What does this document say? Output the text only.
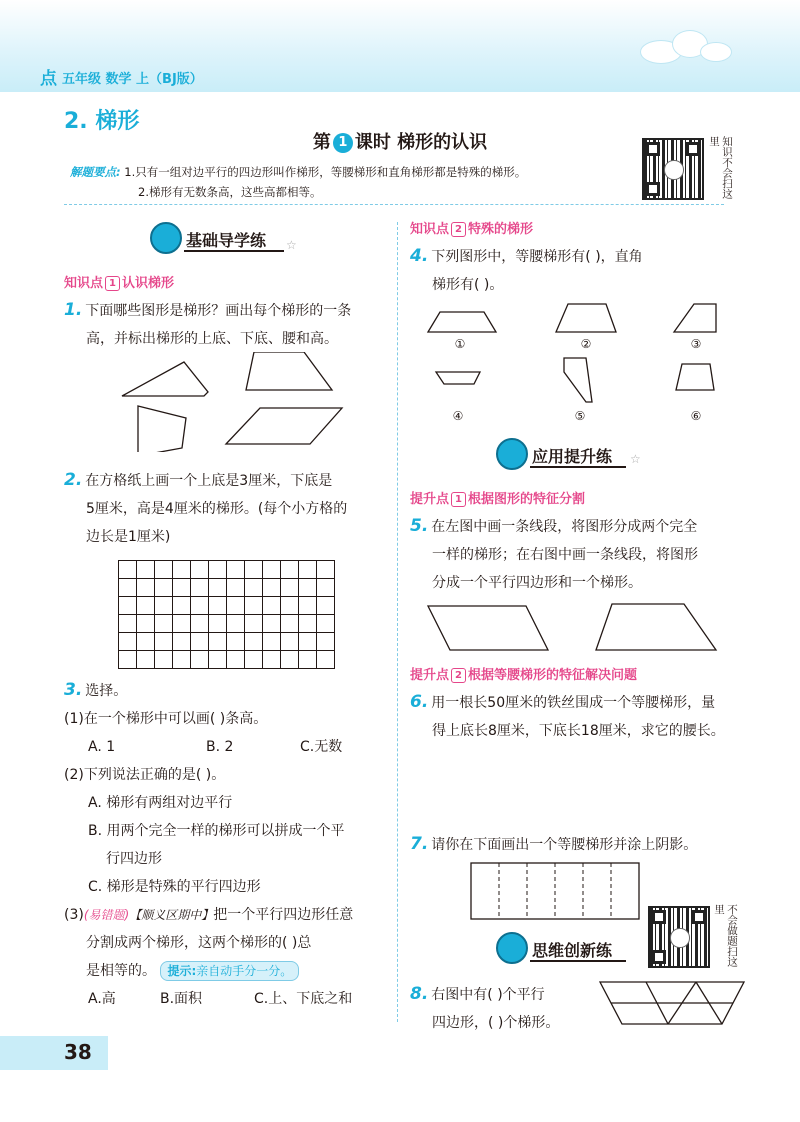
点 五年级 数学 上（BJ版）
2. 梯形
第 1 课时 梯形的认识
解题要点: 1.只有一组对边平行的四边形叫作梯形，等腰梯形和直角梯形都是特殊的梯形。
2.梯形有无数条高，这些高都相等。	知识不会扫这里
基础导学练 ☆
知识点 1 认识梯形
1. 下面哪些图形是梯形？画出每个梯形的一条
高，并标出梯形的上底、下底、腰和高。
2. 在方格纸上画一个上底是3厘米，下底是
5厘米，高是4厘米的梯形。(每个小方格的
边长是1厘米)
3. 选择。
(1)在一个梯形中可以画( )条高。
A. 1	B. 2	C.无数
(2)下列说法正确的是( )。
A. 梯形有两组对边平行
B. 用两个完全一样的梯形可以拼成一个平
行四边形
C. 梯形是特殊的平行四边形
(3)(易错题)【顺义区期中】把一个平行四边形任意
分割成两个梯形，这两个梯形的( )总
是相等的。 提示:亲自动手分一分。
A.高	B.面积	C.上、下底之和
知识点 2 特殊的梯形
4. 下列图形中，等腰梯形有( )，直角
梯形有( )。
①	②	③
④	⑤	⑥
应用提升练 ☆
提升点 1 根据图形的特征分割
5. 在左图中画一条线段，将图形分成两个完全
一样的梯形；在右图中画一条线段，将图形
分成一个平行四边形和一个梯形。
提升点 2 根据等腰梯形的特征解决问题
6. 用一根长50厘米的铁丝围成一个等腰梯形，量
得上底长8厘米，下底长18厘米，求它的腰长。
7. 请你在下面画出一个等腰梯形并涂上阴影。
不会做题扫这里
思维创新练
8. 右图中有( )个平行
四边形，( )个梯形。
38
